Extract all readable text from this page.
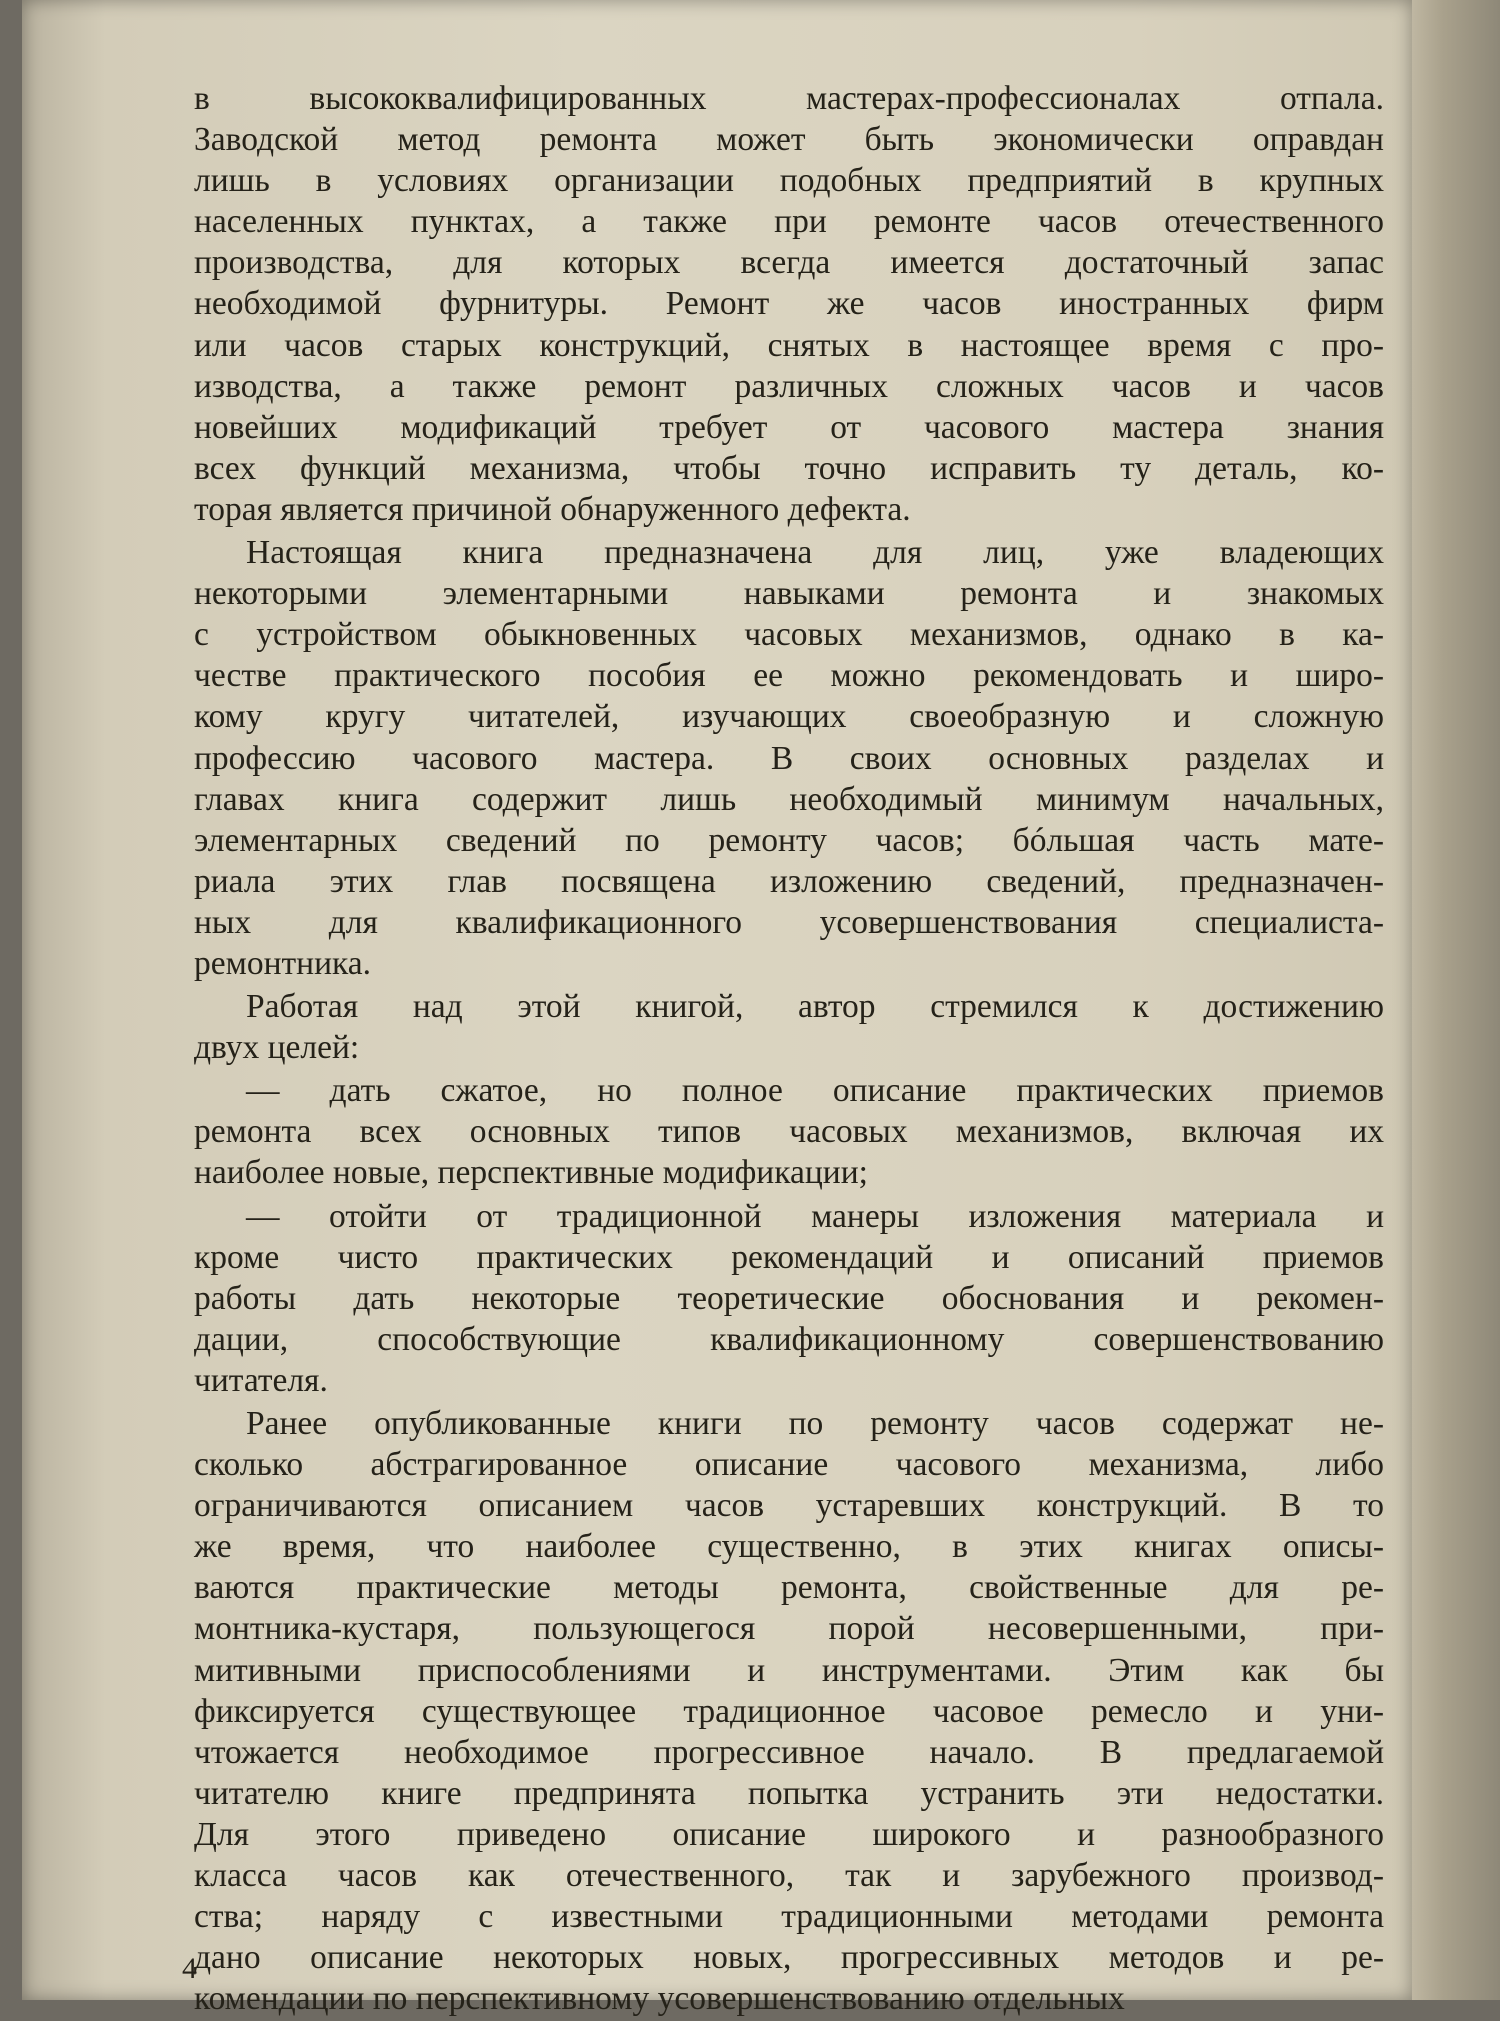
в высококвалифицированных мастерах-профессионалах отпала.
Заводской метод ремонта может быть экономически оправдан
лишь в условиях организации подобных предприятий в крупных
населенных пунктах, а также при ремонте часов отечественного
производства, для которых всегда имеется достаточный запас
необходимой фурнитуры. Ремонт же часов иностранных фирм
или часов старых конструкций, снятых в настоящее время с про-
изводства, а также ремонт различных сложных часов и часов
новейших модификаций требует от часового мастера знания
всех функций механизма, чтобы точно исправить ту деталь, ко-
торая является причиной обнаруженного дефекта.
Настоящая книга предназначена для лиц, уже владеющих
некоторыми элементарными навыками ремонта и знакомых
с устройством обыкновенных часовых механизмов, однако в ка-
честве практического пособия ее можно рекомендовать и широ-
кому кругу читателей, изучающих своеобразную и сложную
профессию часового мастера. В своих основных разделах и
главах книга содержит лишь необходимый минимум начальных,
элементарных сведений по ремонту часов; бóльшая часть мате-
риала этих глав посвящена изложению сведений, предназначен-
ных для квалификационного усовершенствования специалиста-
ремонтника.
Работая над этой книгой, автор стремился к достижению
двух целей:
— дать сжатое, но полное описание практических приемов
ремонта всех основных типов часовых механизмов, включая их
наиболее новые, перспективные модификации;
— отойти от традиционной манеры изложения материала и
кроме чисто практических рекомендаций и описаний приемов
работы дать некоторые теоретические обоснования и рекомен-
дации, способствующие квалификационному совершенствованию
читателя.
Ранее опубликованные книги по ремонту часов содержат не-
сколько абстрагированное описание часового механизма, либо
ограничиваются описанием часов устаревших конструкций. В то
же время, что наиболее существенно, в этих книгах описы-
ваются практические методы ремонта, свойственные для ре-
монтника-кустаря, пользующегося порой несовершенными, при-
митивными приспособлениями и инструментами. Этим как бы
фиксируется существующее традиционное часовое ремесло и уни-
чтожается необходимое прогрессивное начало. В предлагаемой
читателю книге предпринята попытка устранить эти недостатки.
Для этого приведено описание широкого и разнообразного
класса часов как отечественного, так и зарубежного производ-
ства; наряду с известными традиционными методами ремонта
дано описание некоторых новых, прогрессивных методов и ре-
комендации по перспективному усовершенствованию отдельных
4
